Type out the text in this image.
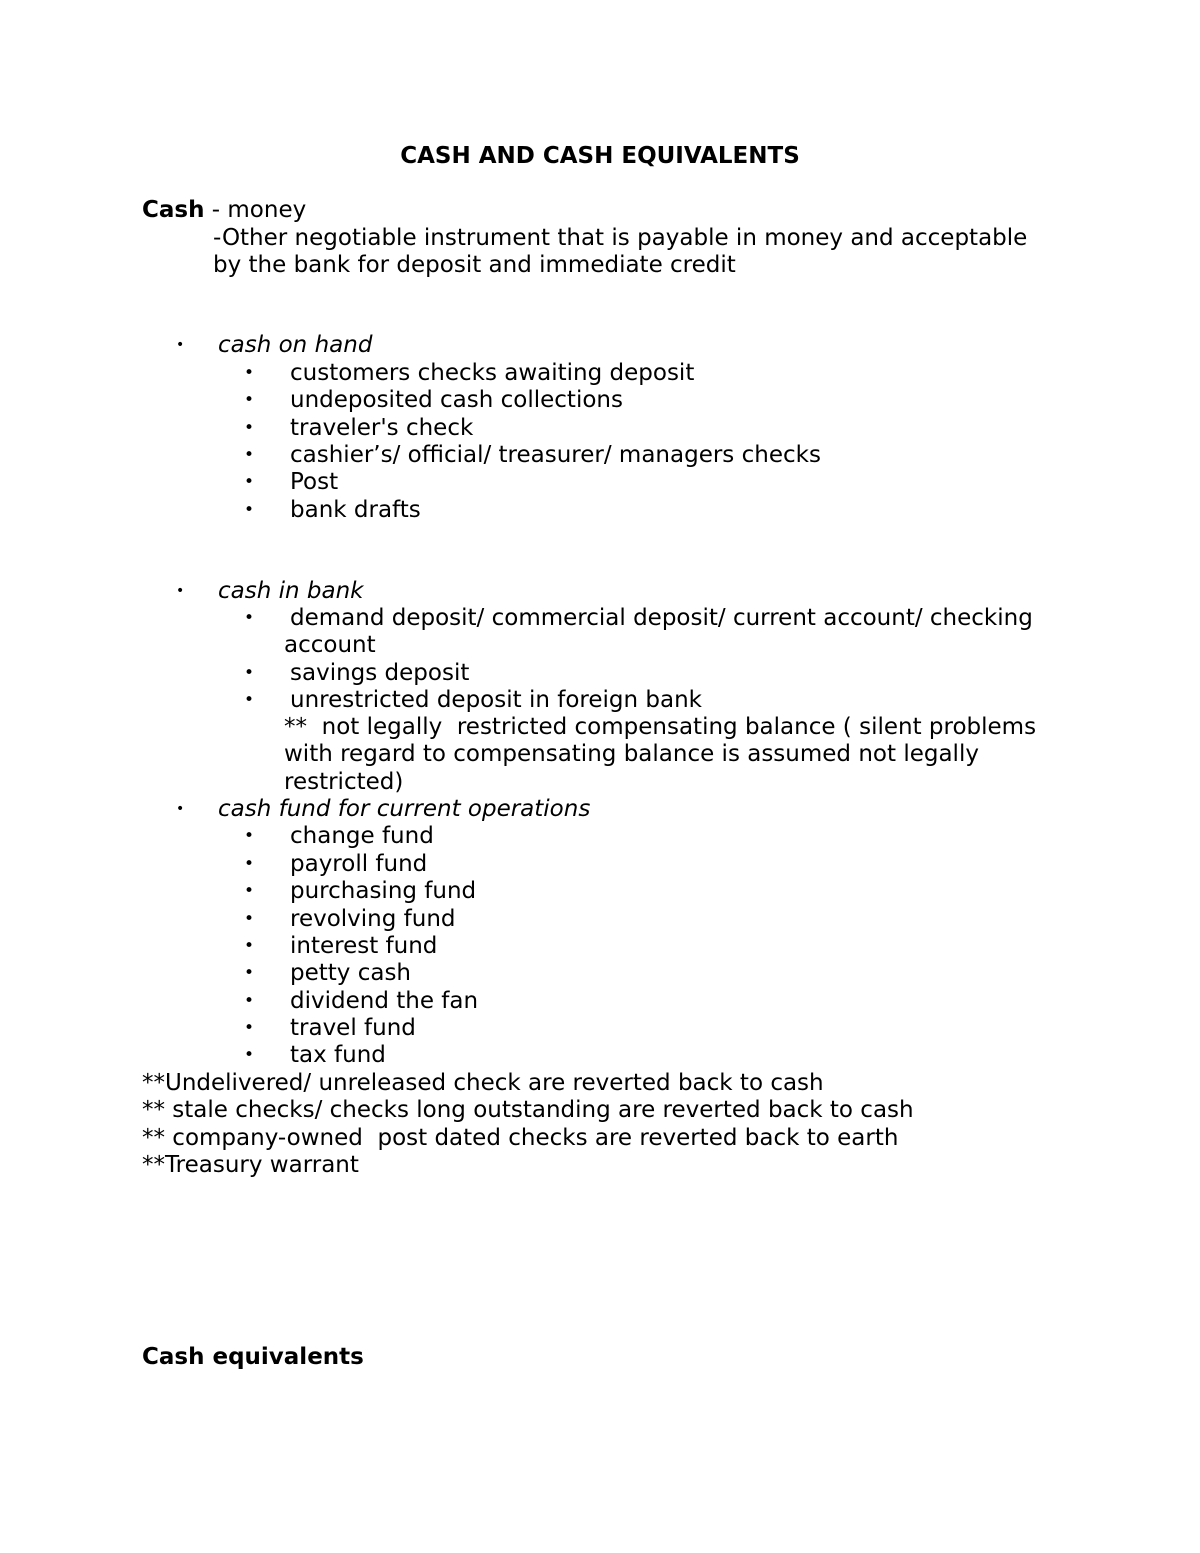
CASH AND CASH EQUIVALENTS
Cash - money
-Other negotiable instrument that is payable in money and acceptable
by the bank for deposit and immediate credit
• cash on hand
• customers checks awaiting deposit
• undeposited cash collections
• traveler's check
• cashier’s/ official/ treasurer/ managers checks
• Post
• bank drafts
• cash in bank
• demand deposit/ commercial deposit/ current account/ checking
account
• savings deposit
• unrestricted deposit in foreign bank
**  not legally  restricted compensating balance ( silent problems
with regard to compensating balance is assumed not legally
restricted)
• cash fund for current operations
• change fund
• payroll fund
• purchasing fund
• revolving fund
• interest fund
• petty cash
• dividend the fan
• travel fund
• tax fund
**Undelivered/ unreleased check are reverted back to cash
** stale checks/ checks long outstanding are reverted back to cash
** company-owned  post dated checks are reverted back to earth
**Treasury warrant
Cash equivalents
